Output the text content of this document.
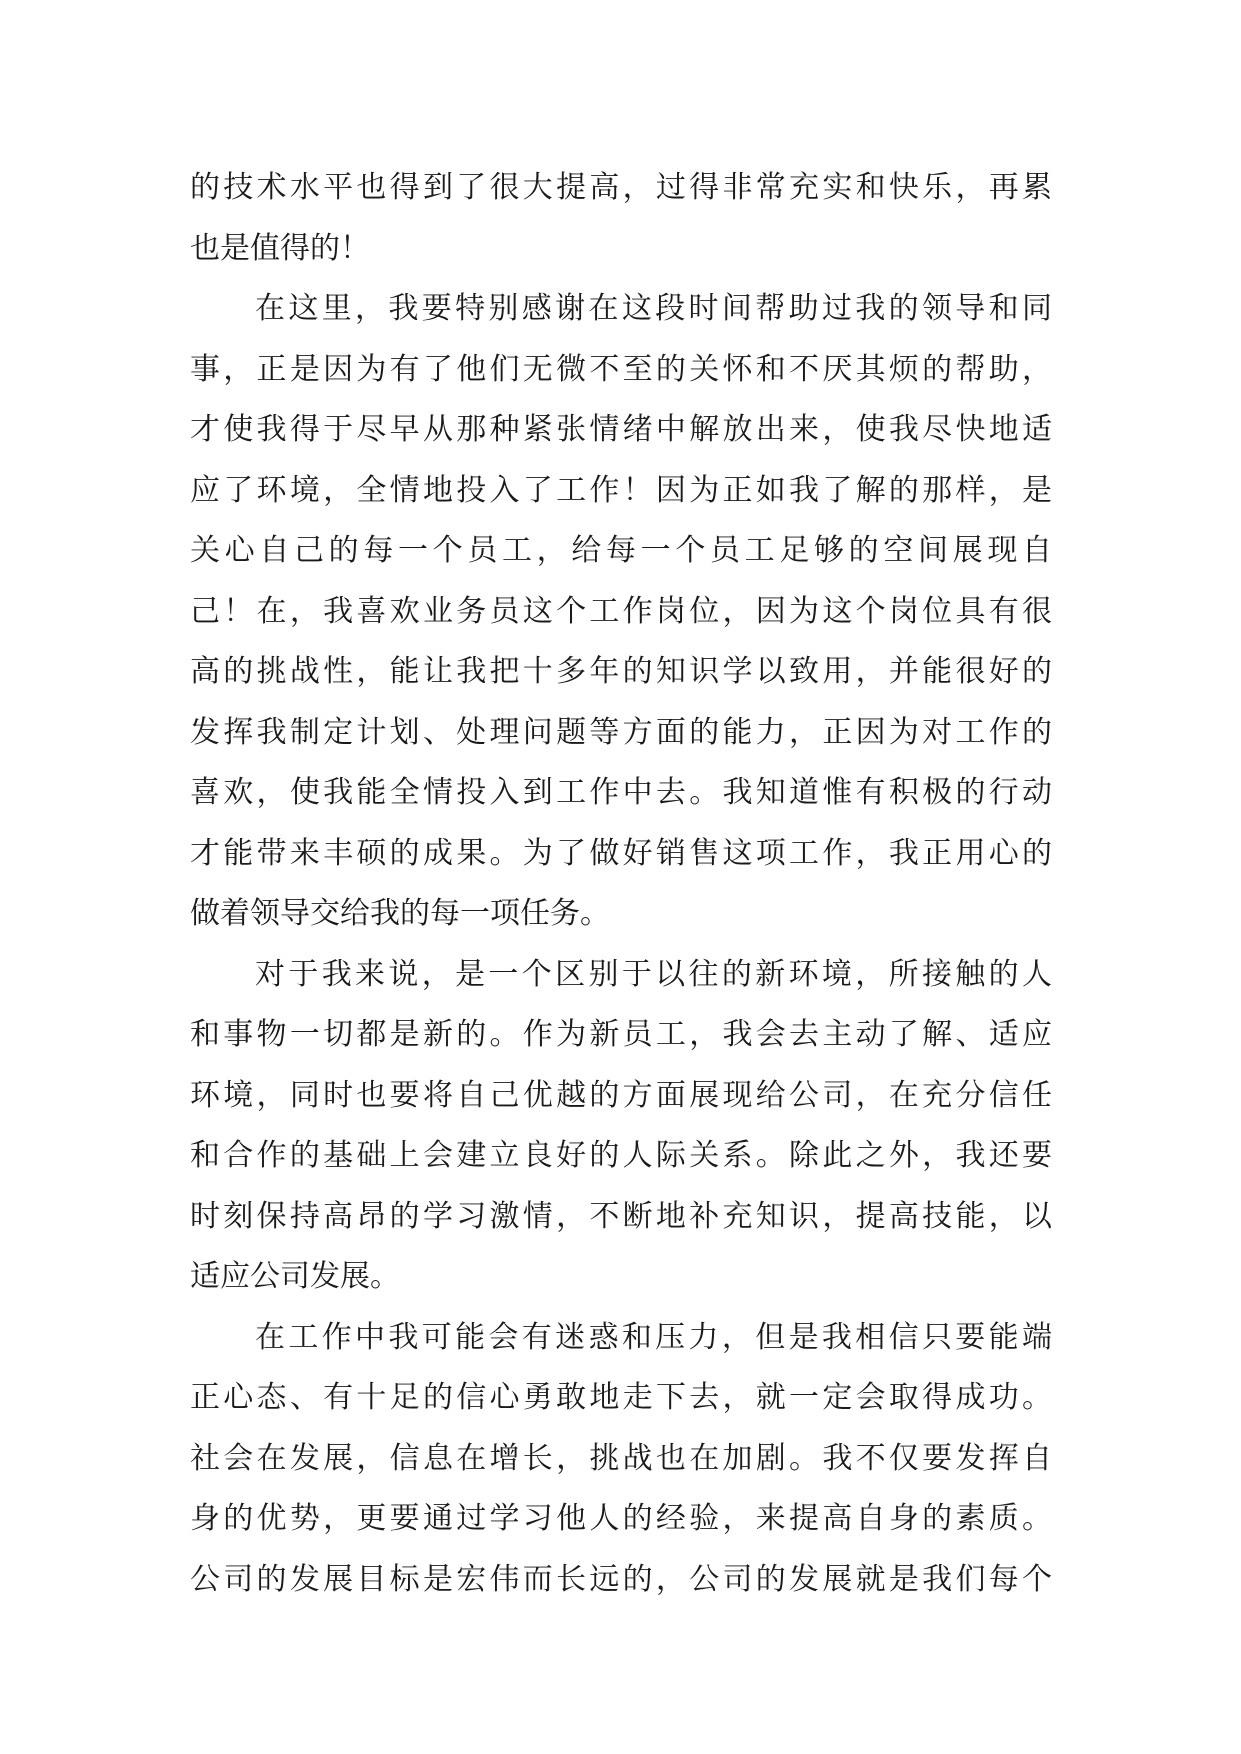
的技术水平也得到了很大提高，过得非常充实和快乐，再累
也是值得的！
在这里，我要特别感谢在这段时间帮助过我的领导和同
事，正是因为有了他们无微不至的关怀和不厌其烦的帮助，
才使我得于尽早从那种紧张情绪中解放出来，使我尽快地适
应了环境，全情地投入了工作！因为正如我了解的那样，是
关心自己的每一个员工，给每一个员工足够的空间展现自
己！在，我喜欢业务员这个工作岗位，因为这个岗位具有很
高的挑战性，能让我把十多年的知识学以致用，并能很好的
发挥我制定计划、处理问题等方面的能力，正因为对工作的
喜欢，使我能全情投入到工作中去。我知道惟有积极的行动
才能带来丰硕的成果。为了做好销售这项工作，我正用心的
做着领导交给我的每一项任务。
对于我来说，是一个区别于以往的新环境，所接触的人
和事物一切都是新的。作为新员工，我会去主动了解、适应
环境，同时也要将自己优越的方面展现给公司，在充分信任
和合作的基础上会建立良好的人际关系。除此之外，我还要
时刻保持高昂的学习激情，不断地补充知识，提高技能，以
适应公司发展。
在工作中我可能会有迷惑和压力，但是我相信只要能端
正心态、有十足的信心勇敢地走下去，就一定会取得成功。
社会在发展，信息在增长，挑战也在加剧。我不仅要发挥自
身的优势，更要通过学习他人的经验，来提高自身的素质。
公司的发展目标是宏伟而长远的，公司的发展就是我们每个
